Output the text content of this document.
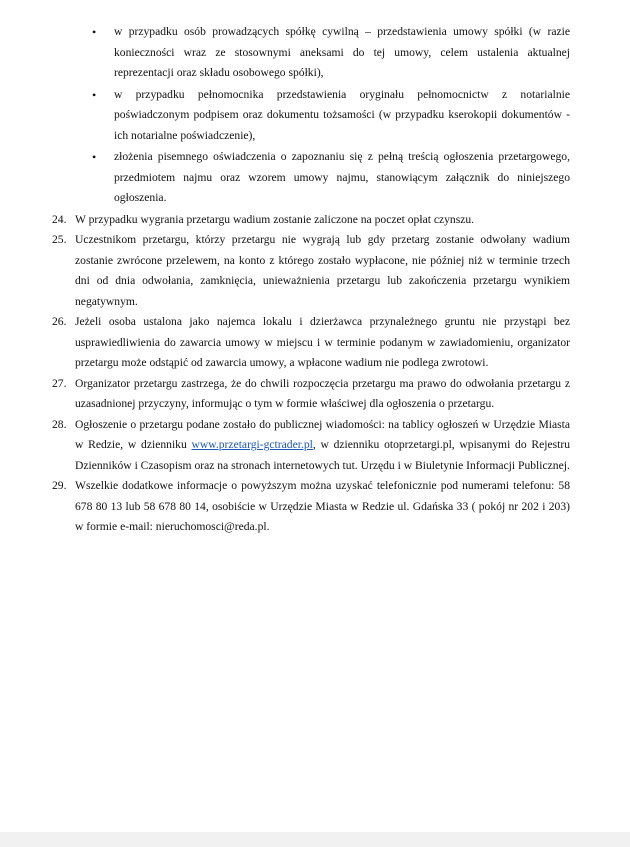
• w przypadku osób prowadzących spółkę cywilną – przedstawienia umowy spółki (w razie konieczności wraz ze stosownymi aneksami do tej umowy, celem ustalenia aktualnej reprezentacji oraz składu osobowego spółki),
• w przypadku pełnomocnika przedstawienia oryginału pełnomocnictw z notarialnie poświadczonym podpisem oraz dokumentu tożsamości (w przypadku kserokopii dokumentów - ich notarialne poświadczenie),
• złożenia pisemnego oświadczenia o zapoznaniu się z pełną treścią ogłoszenia przetargowego, przedmiotem najmu oraz wzorem umowy najmu, stanowiącym załącznik do niniejszego ogłoszenia.
24. W przypadku wygrania przetargu wadium zostanie zaliczone na poczet opłat czynszu.
25. Uczestnikom przetargu, którzy przetargu nie wygrają lub gdy przetarg zostanie odwołany wadium zostanie zwrócone przelewem, na konto z którego zostało wypłacone, nie później niż w terminie trzech dni od dnia odwołania, zamknięcia, unieważnienia przetargu lub zakończenia przetargu wynikiem negatywnym.
26. Jeżeli osoba ustalona jako najemca lokalu i dzierżawca przynależnego gruntu nie przystąpi bez usprawiedliwienia do zawarcia umowy w miejscu i w terminie podanym w zawiadomieniu, organizator przetargu może odstąpić od zawarcia umowy, a wpłacone wadium nie podlega zwrotowi.
27. Organizator przetargu zastrzega, że do chwili rozpoczęcia przetargu ma prawo do odwołania przetargu z uzasadnionej przyczyny, informując o tym w formie właściwej dla ogłoszenia o przetargu.
28. Ogłoszenie o przetargu podane zostało do publicznej wiadomości: na tablicy ogłoszeń w Urzędzie Miasta w Redzie, w dzienniku www.przetargi-gctrader.pl, w dzienniku otoprzetargi.pl, wpisanymi do Rejestru Dzienników i Czasopism oraz na stronach internetowych tut. Urzędu i w Biuletynie Informacji Publicznej.
29. Wszelkie dodatkowe informacje o powyższym można uzyskać telefonicznie pod numerami telefonu: 58 678 80 13 lub 58 678 80 14, osobiście w Urzędzie Miasta w Redzie ul. Gdańska 33 ( pokój nr 202 i 203) w formie e-mail: nieruchomosci@reda.pl.
